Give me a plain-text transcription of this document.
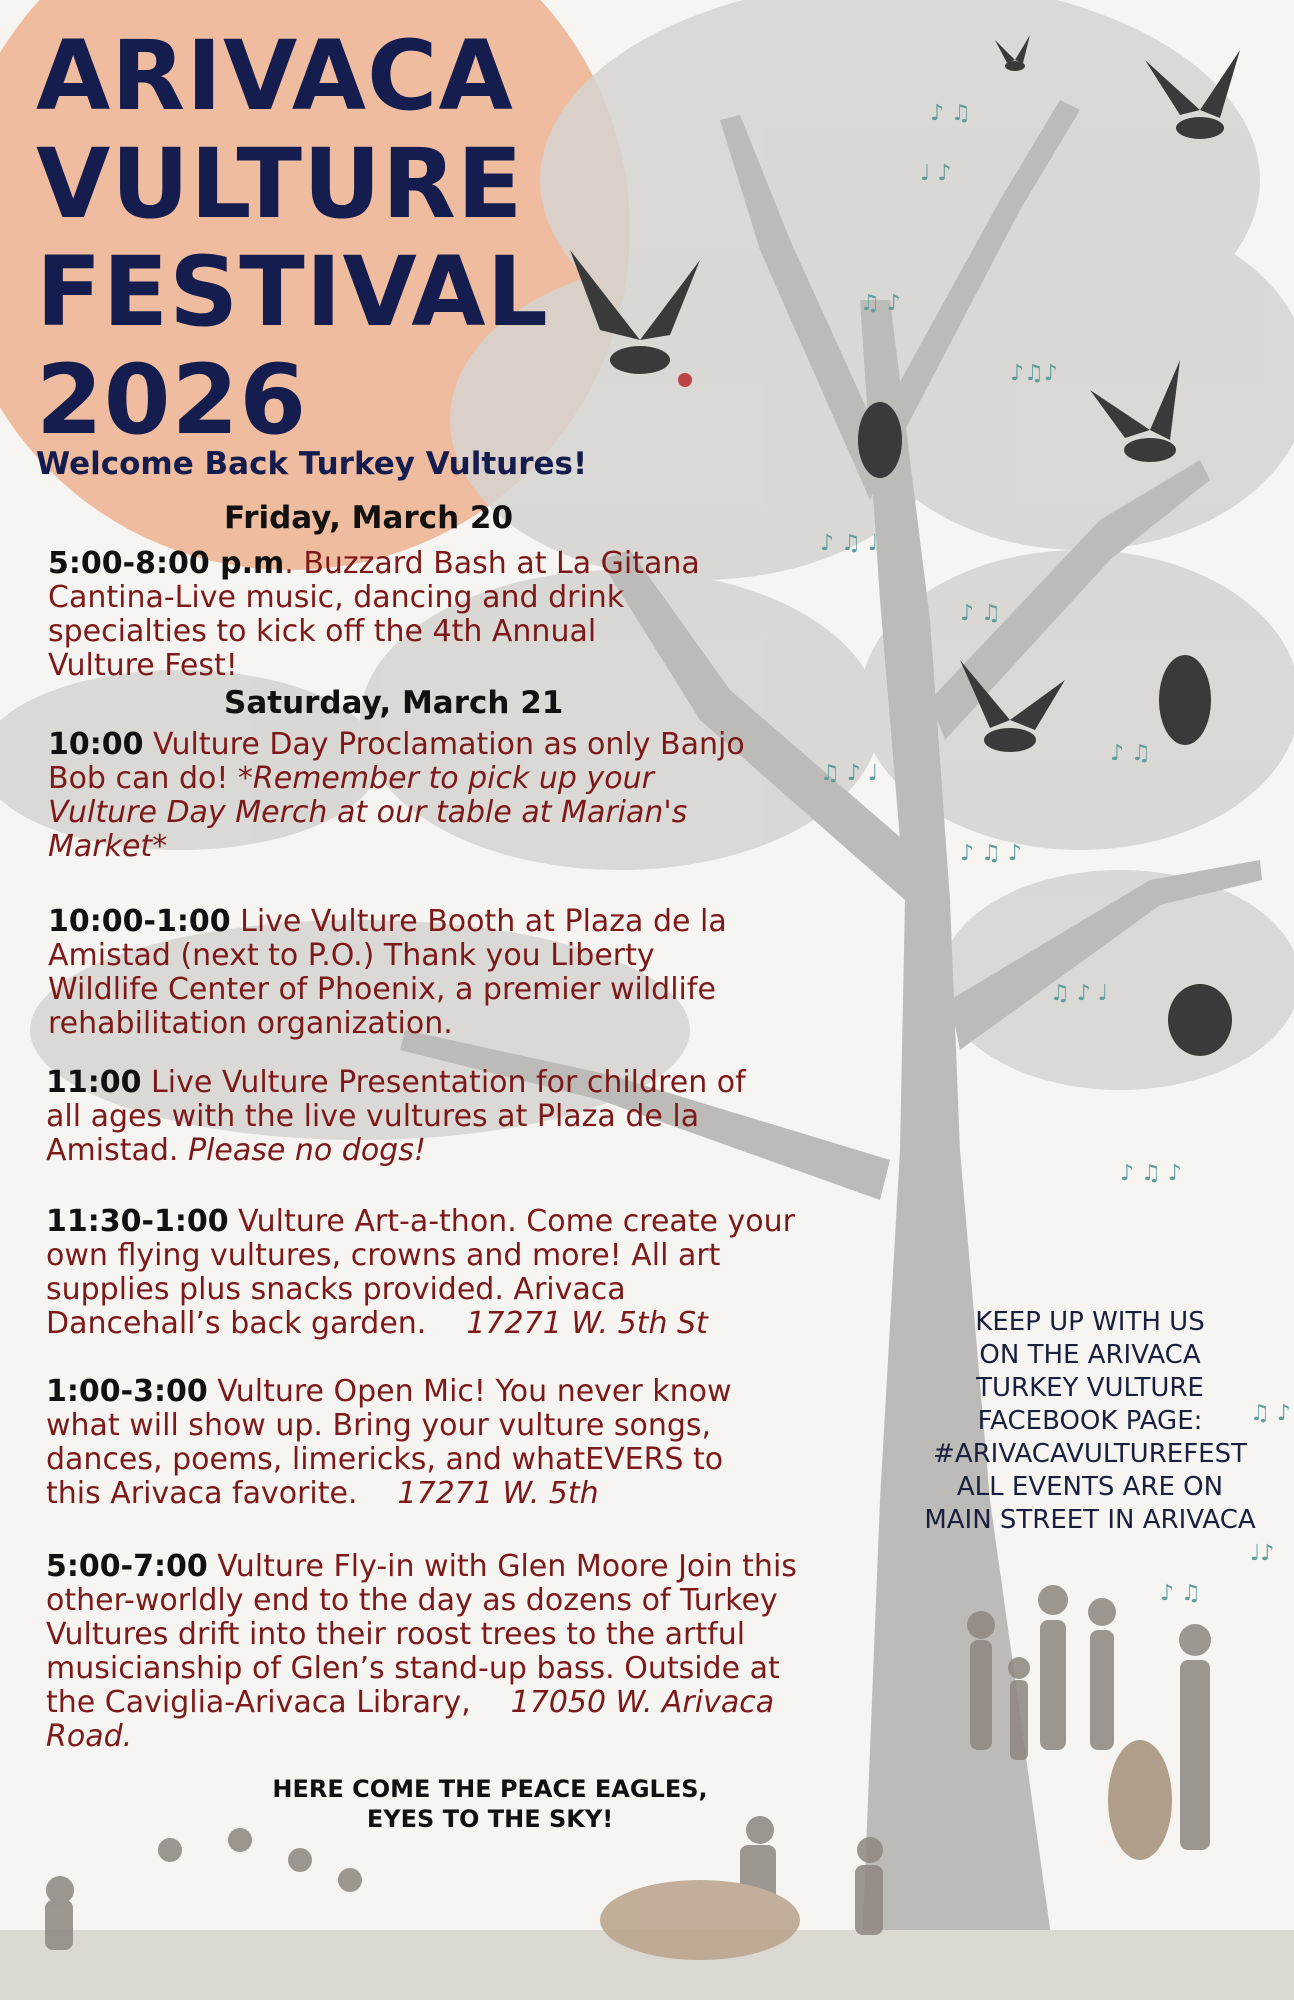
♪ ♫
♩ ♪
♫ ♪
♪♫♪
♪ ♫ ♩
♪ ♫
♫ ♪ ♩
♪ ♫ ♪
♪ ♫
♫ ♪ ♩
♪ ♫ ♪
♫ ♪
♪ ♫
♩♪
ARIVACA
VULTURE
FESTIVAL
2026

Welcome Back Turkey Vultures!

Friday, March 20

5:00-8:00 p.m. Buzzard Bash at La Gitana Cantina-Live music, dancing and drink specialties to kick off the 4th Annual Vulture Fest!

Saturday, March 21

10:00 Vulture Day Proclamation as only Banjo Bob can do! *Remember to pick up your Vulture Day Merch at our table at Marian's Market*

10:00-1:00 Live Vulture Booth at Plaza de la Amistad (next to P.O.) Thank you Liberty Wildlife Center of Phoenix, a premier wildlife rehabilitation organization.

11:00 Live Vulture Presentation for children of all ages with the live vultures at Plaza de la Amistad. Please no dogs!

11:30-1:00 Vulture Art-a-thon. Come create your own flying vultures, crowns and more! All art supplies plus snacks provided. Arivaca Dancehall’s back garden. 17271 W. 5th St

1:00-3:00 Vulture Open Mic! You never know what will show up. Bring your vulture songs, dances, poems, limericks, and whatEVERS to this Arivaca favorite. 17271 W. 5th

5:00-7:00 Vulture Fly-in with Glen Moore Join this other-worldly end to the day as dozens of Turkey Vultures drift into their roost trees to the artful musicianship of Glen’s stand-up bass. Outside at the Caviglia-Arivaca Library, 17050 W. Arivaca Road.

HERE COME THE PEACE EAGLES,
EYES TO THE SKY!

KEEP UP WITH US
ON THE ARIVACA
TURKEY VULTURE
FACEBOOK PAGE:
#ARIVACAVULTUREFEST
ALL EVENTS ARE ON
MAIN STREET IN ARIVACA
